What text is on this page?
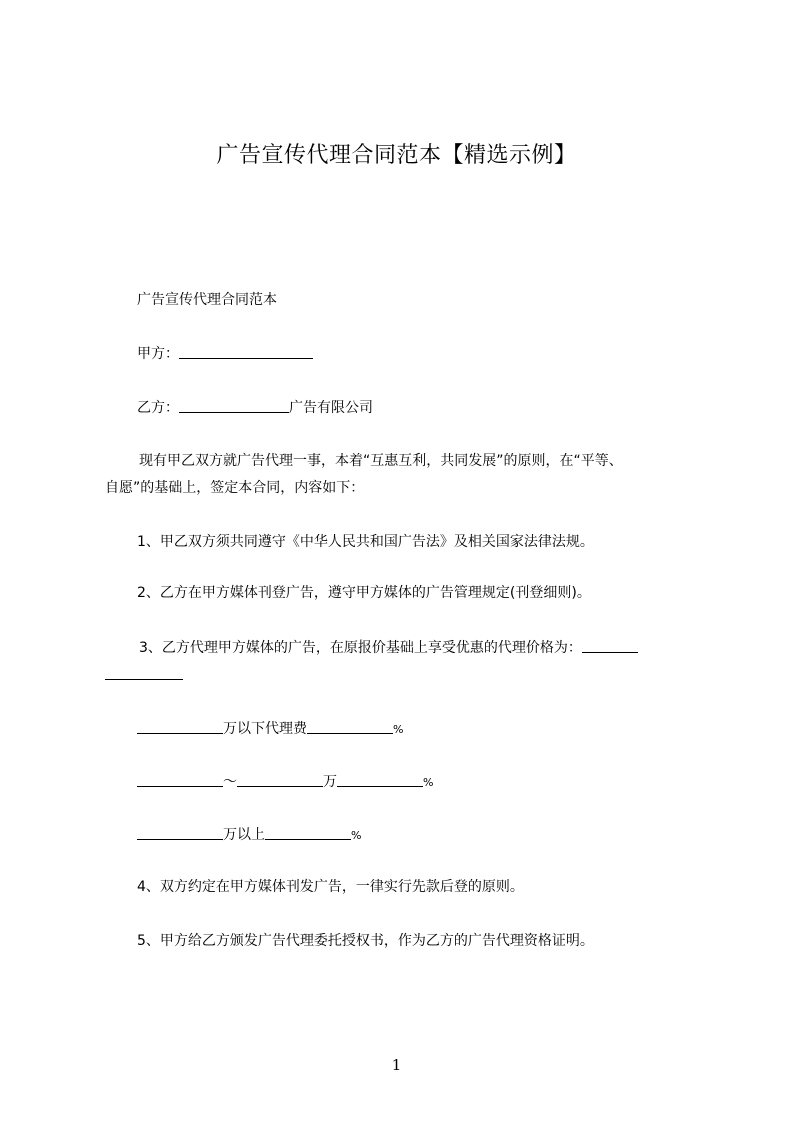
广告宣传代理合同范本【精选示例】
广告宣传代理合同范本
甲方：
乙方：	广告有限公司
现有甲乙双方就广告代理一事，本着“互惠互利，共同发展”的原则，在“平等、
自愿”的基础上，签定本合同，内容如下：
1、甲乙双方须共同遵守《中华人民共和国广告法》及相关国家法律法规。
2、乙方在甲方媒体刊登广告，遵守甲方媒体的广告管理规定(刊登细则)。
3、乙方代理甲方媒体的广告，在原报价基础上享受优惠的代理价格为：
万以下代理费	%
～	万	%
万以上	%
4、双方约定在甲方媒体刊发广告，一律实行先款后登的原则。
5、甲方给乙方颁发广告代理委托授权书，作为乙方的广告代理资格证明。
1
